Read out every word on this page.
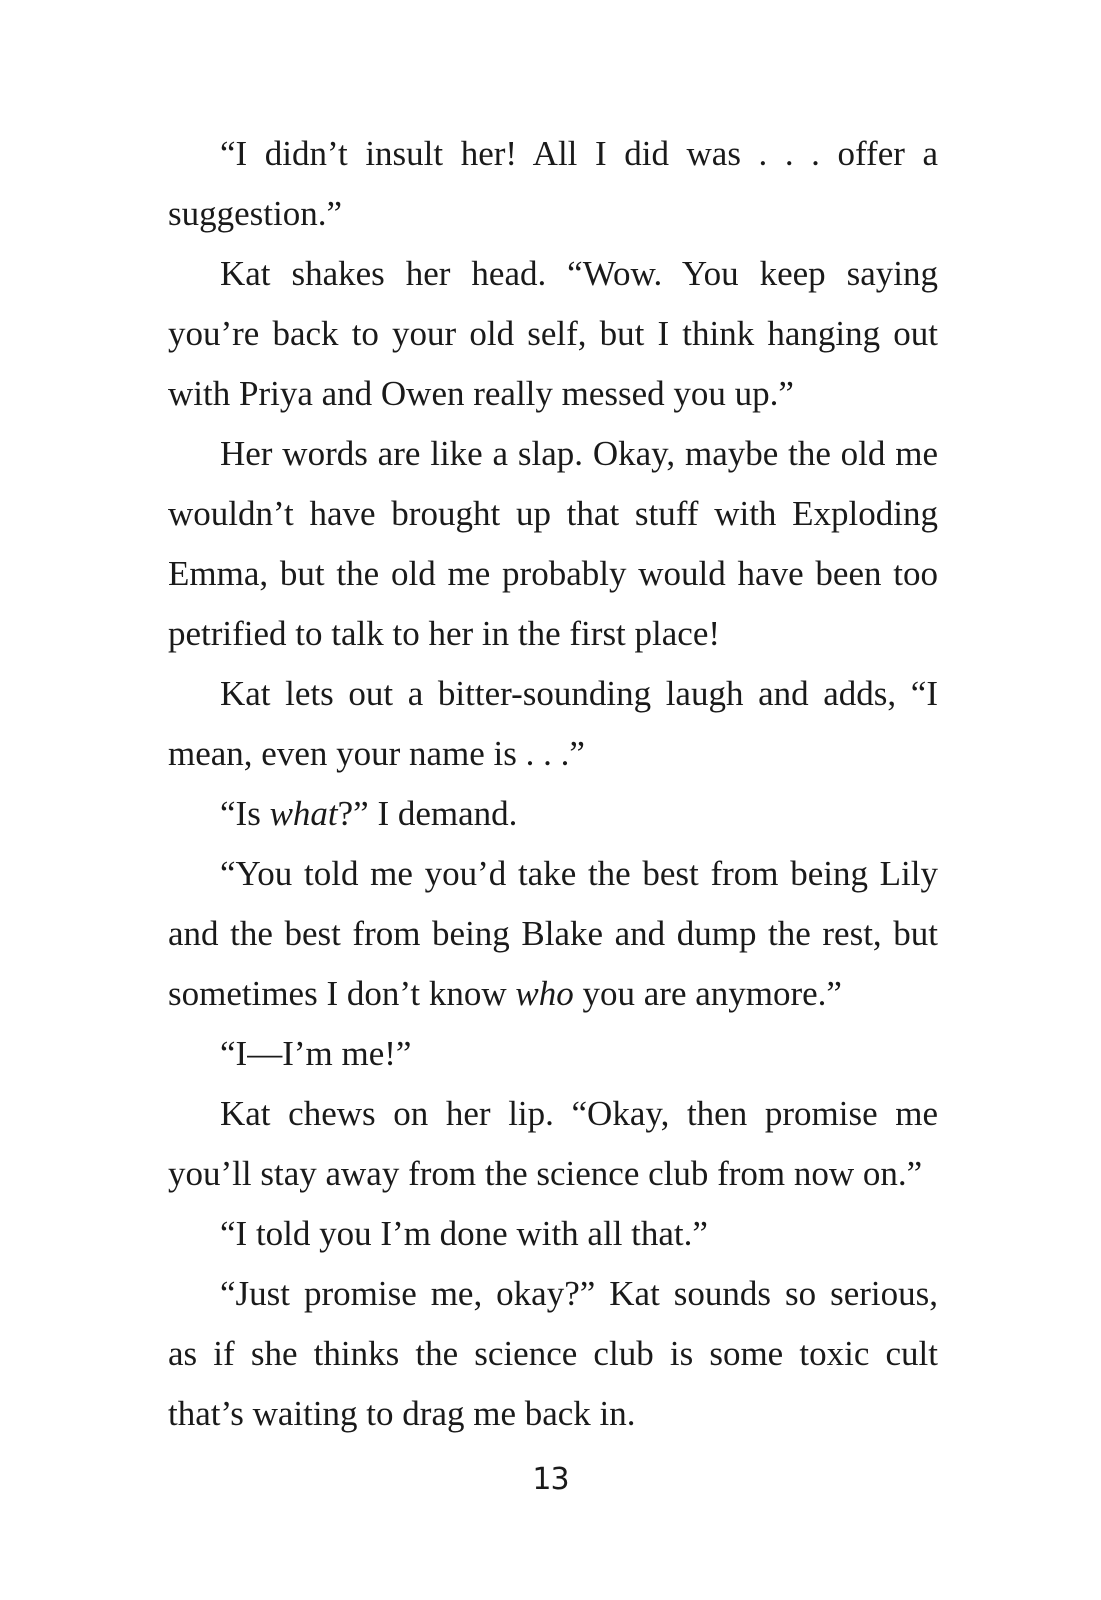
“I didn’t insult her! All I did was . . . offer a suggestion.”

Kat shakes her head. “Wow. You keep saying you’re back to your old self, but I think hanging out with Priya and Owen really messed you up.”

Her words are like a slap. Okay, maybe the old me wouldn’t have brought up that stuff with Exploding Emma, but the old me probably would have been too petrified to talk to her in the first place!

Kat lets out a bitter-sounding laugh and adds, “I mean, even your name is . . .”

“Is what?” I demand.

“You told me you’d take the best from being Lily and the best from being Blake and dump the rest, but sometimes I don’t know who you are anymore.”

“I—I’m me!”

Kat chews on her lip. “Okay, then promise me you’ll stay away from the science club from now on.”

“I told you I’m done with all that.”

“Just promise me, okay?” Kat sounds so serious, as if she thinks the science club is some toxic cult that’s waiting to drag me back in.

13
